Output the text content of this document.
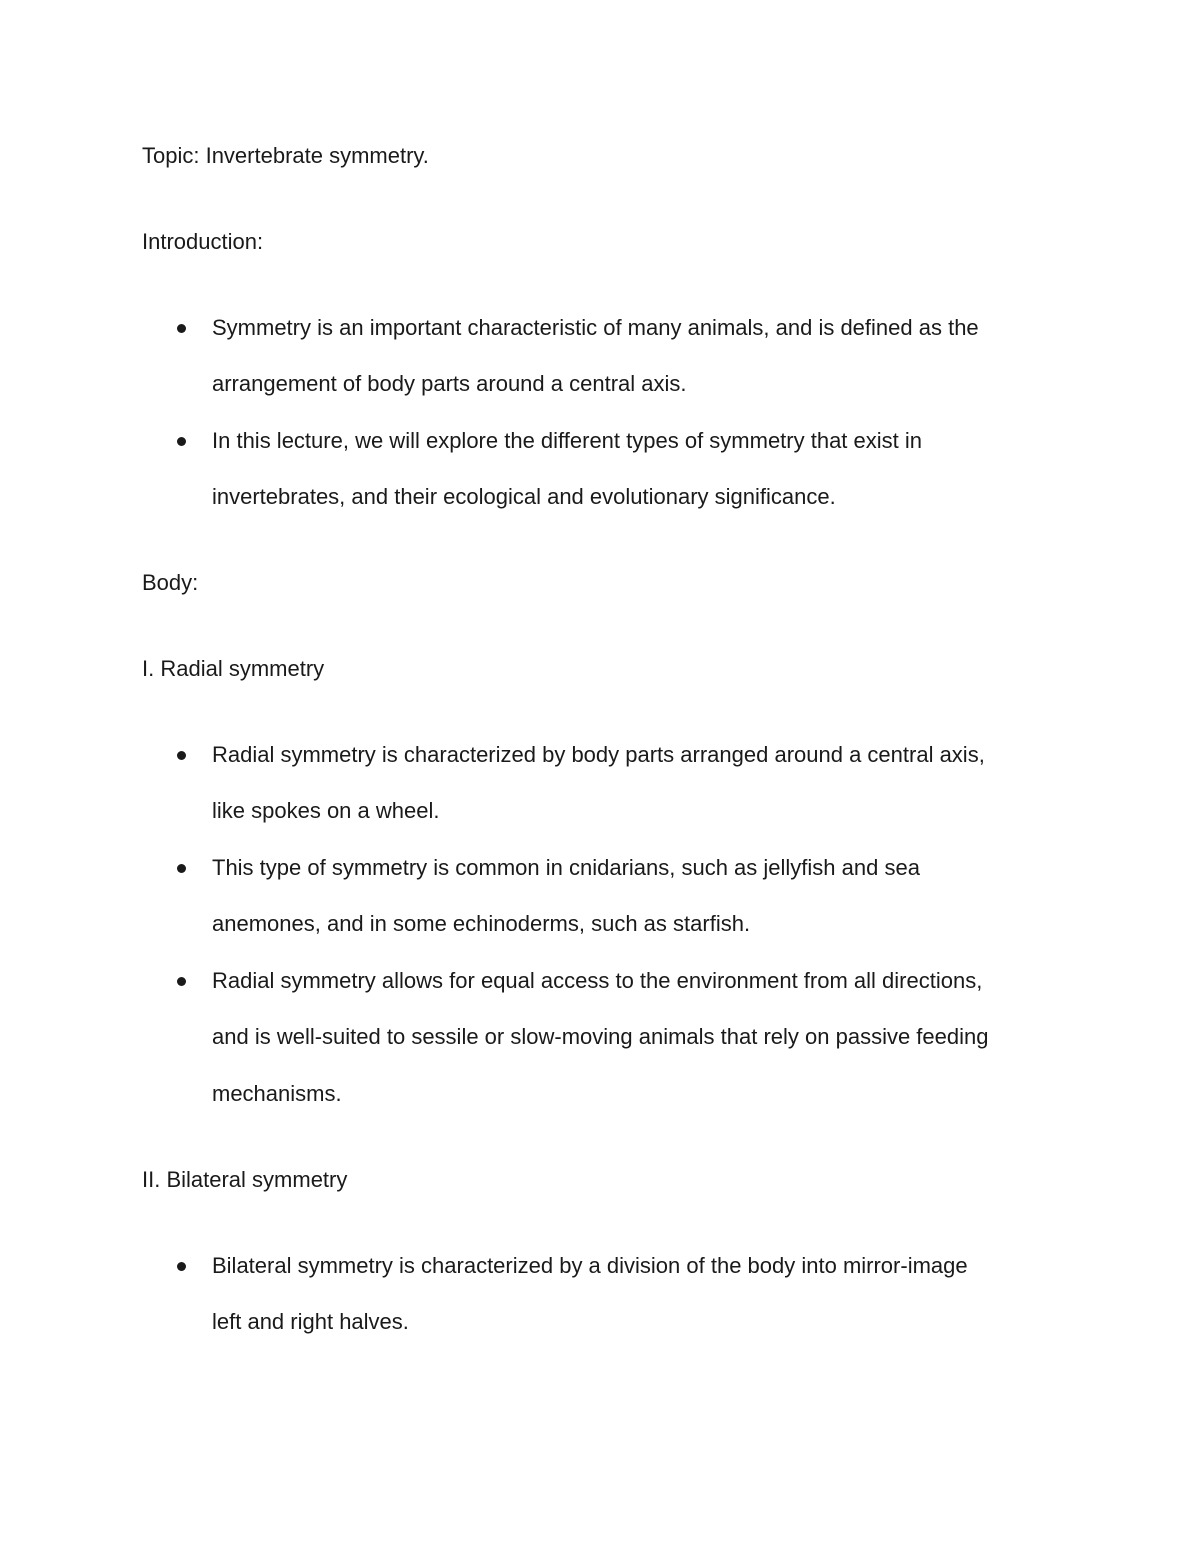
Topic: Invertebrate symmetry.
Introduction:
Symmetry is an important characteristic of many animals, and is defined as the
arrangement of body parts around a central axis.
In this lecture, we will explore the different types of symmetry that exist in
invertebrates, and their ecological and evolutionary significance.
Body:
I. Radial symmetry
Radial symmetry is characterized by body parts arranged around a central axis,
like spokes on a wheel.
This type of symmetry is common in cnidarians, such as jellyfish and sea
anemones, and in some echinoderms, such as starfish.
Radial symmetry allows for equal access to the environment from all directions,
and is well-suited to sessile or slow-moving animals that rely on passive feeding
mechanisms.
II. Bilateral symmetry
Bilateral symmetry is characterized by a division of the body into mirror-image
left and right halves.
